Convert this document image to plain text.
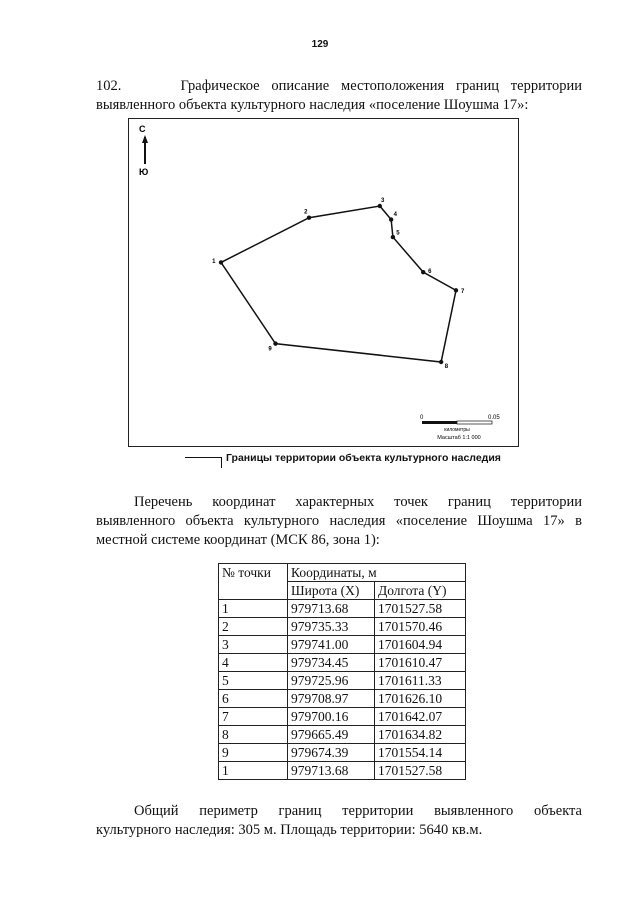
129
102.     Графическое описание местоположения границ территории
выявленного объекта культурного наследия «поселение Шоушма 17»:
С
Ю
1
2
3
4
5
6
7
8
9
0	0.05
километры
Масштаб 1:1 000
Границы территории объекта культурного наследия
Перечень координат характерных точек границ территории
выявленного объекта культурного наследия «поселение Шоушма 17» в
местной системе координат (МСК 86, зона 1):
№ точки	Координаты, м	
	Широта (X)	Долгота (Y)
1	979713.68	1701527.58
2	979735.33	1701570.46
3	979741.00	1701604.94
4	979734.45	1701610.47
5	979725.96	1701611.33
6	979708.97	1701626.10
7	979700.16	1701642.07
8	979665.49	1701634.82
9	979674.39	1701554.14
1	979713.68	1701527.58
Общий периметр границ территории выявленного объекта
культурного наследия: 305 м. Площадь территории: 5640 кв.м.
